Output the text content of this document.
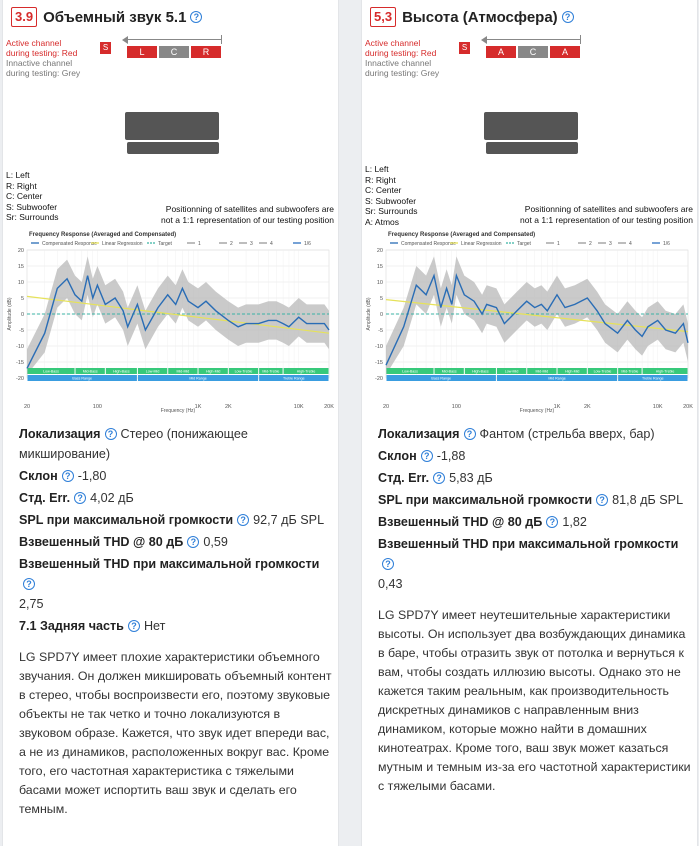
3.9 Объемный звук 5.1 ?
Active channel
during testing: Red
Innactive channel
during testing: Grey
S	L	C	R
L: Left
R: Right
C: Center
S: Subwoofer
Sr: Surrounds
Positionning of satellites and subwoofers are
not a 1:1 representation of our testing position
Frequency Response (Averaged and Compensated)
Compensated Response Linear Regression	Target	1	2	3	4	1/6
20
15
10
5
0
-5
-10
-15
-20
20	100	1K	2K	10K	20K
Amplitude (dB)
Frequency (Hz)
Low-Bass	Mid-Bass	High-Bass	Low-Mid	Mid-Mid	High-Mid	Low-Treble	Mid-Treble	High-Treble
Bass Range	Mid Range	Treble Range
Локализация ? Стерео (понижающее микширование)
Склон ? -1,80
Стд. Err. ? 4,02 дБ
SPL при максимальной громкости ? 92,7 дБ SPL
Взвешенный THD @ 80 дБ ? 0,59
Взвешенный THD при максимальной громкости?
2,75
7.1 Задняя часть ? Нет
LG SPD7Y имеет плохие характеристики объемного звучания. Он должен микшировать объемный контент в стерео, чтобы воспроизвести его, поэтому звуковые объекты не так четко и точно локализуются в звуковом образе. Кажется, что звук идет впереди вас, а не из динамиков, расположенных вокруг вас. Кроме того, его частотная характеристика с тяжелыми басами может испортить ваш звук и сделать его темным.
5,3 Высота (Атмосфера) ?
Active channel
during testing: Red
Innactive channel
during testing: Grey
S	A	C	A
L: Left
R: Right
C: Center
S: Subwoofer
Sr: Surrounds
A: Atmos
Positionning of satellites and subwoofers are
not a 1:1 representation of our testing position
Frequency Response (Averaged and Compensated)
Compensated Response Linear Regression	Target	1	2	3	4	1/6
20
15
10
5
0
-5
-10
-15
-20
20	100	1K	2K	10K	20K
Amplitude (dB)
Frequency (Hz)
Low-Bass	Mid-Bass	High-Bass	Low-Mid	Mid-Mid	High-Mid	Low-Treble	Mid-Treble	High-Treble
Bass Range	Mid Range	Treble Range
Локализация ? Фантом (стрельба вверх, бар)
Склон ? -1,88
Стд. Err. ? 5,83 дБ
SPL при максимальной громкости ? 81,8 дБ SPL
Взвешенный THD @ 80 дБ ? 1,82
Взвешенный THD при максимальной громкости?
0,43
LG SPD7Y имеет неутешительные характеристики высоты. Он использует два возбуждающих динамика в баре, чтобы отразить звук от потолка и вернуться к вам, чтобы создать иллюзию высоты. Однако это не кажется таким реальным, как производительность дискретных динамиков с направленным вниз динамиком, которые можно найти в домашних кинотеатрах. Кроме того, ваш звук может казаться мутным и темным из-за его частотной характеристики с тяжелыми басами.
